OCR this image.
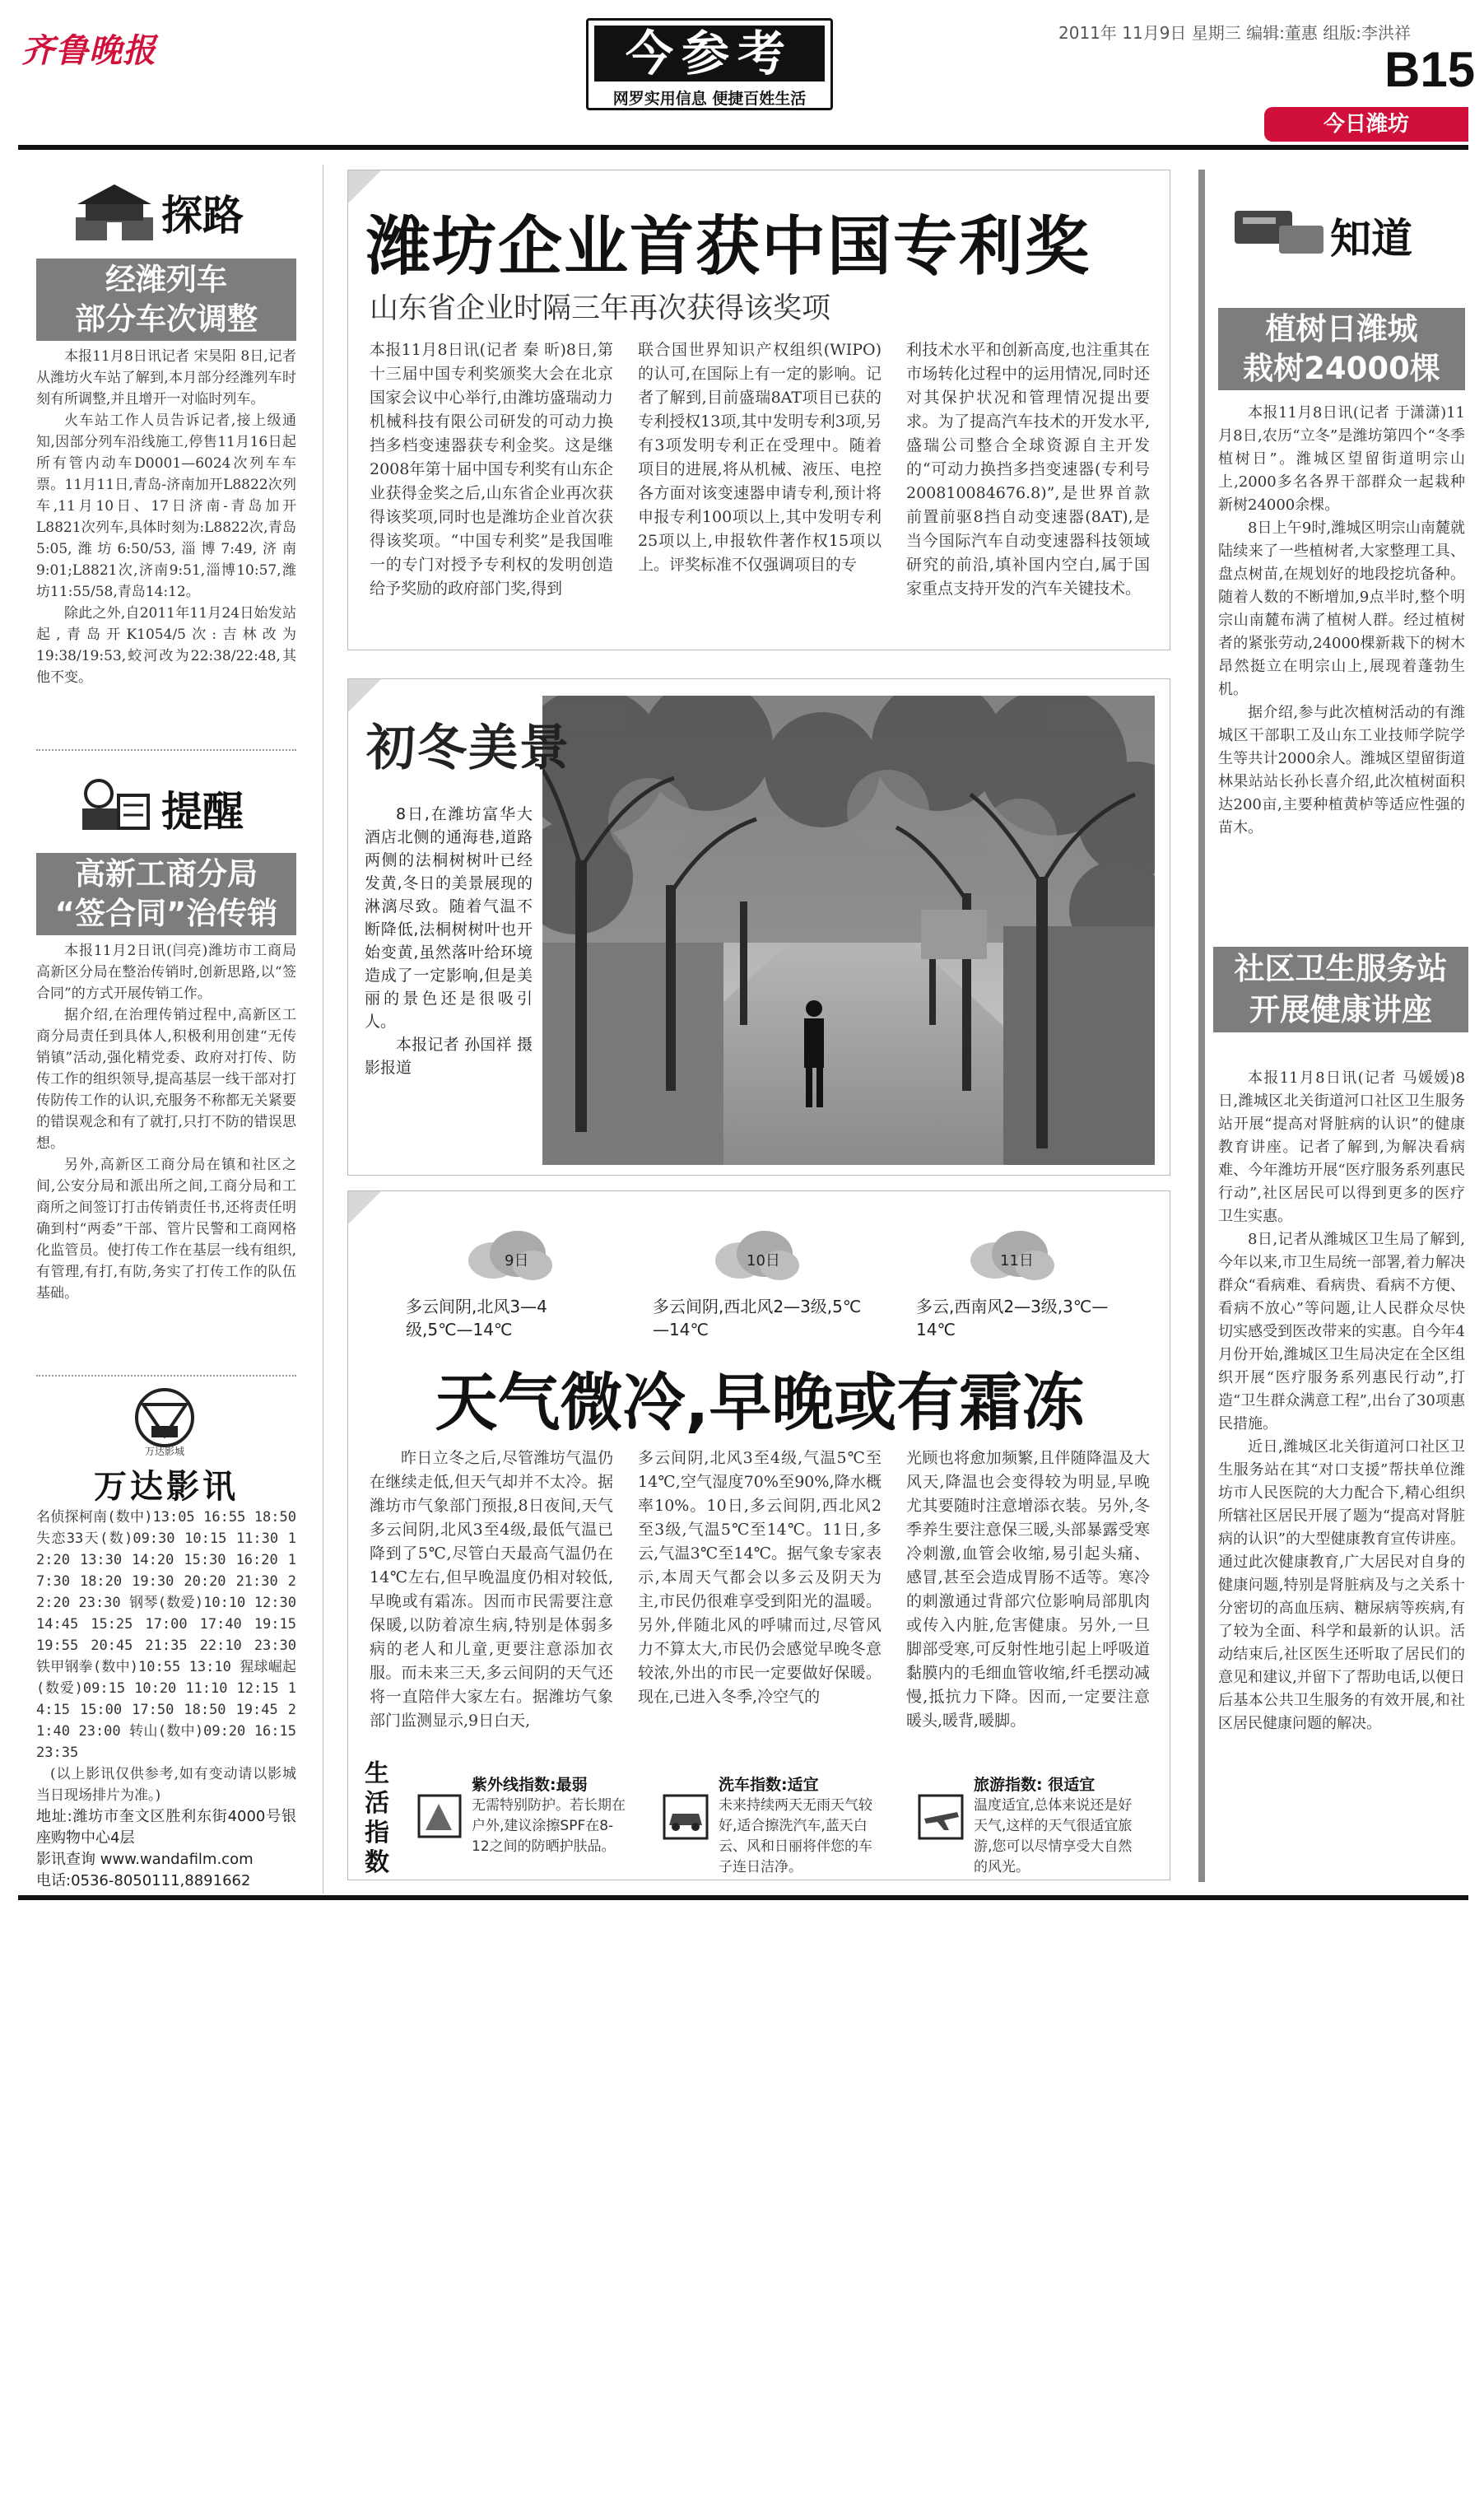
齐鲁晚报	今参考
网罗实用信息 便捷百姓生活
2011年 11月9日 星期三 编辑:董惠 组版:李洪祥
B15
今日潍坊
探路
经潍列车
部分车次调整

本报11月8日讯记者 宋昊阳 8日,记者从潍坊火车站了解到,本月部分经潍列车时刻有所调整,并且增开一对临时列车。

火车站工作人员告诉记者,接上级通知,因部分列车沿线施工,停售11月16日起所有管内动车D0001—6024次列车车票。11月11日,青岛-济南加开L8822次列车,11月10日、17日济南-青岛加开L8821次列车,具体时刻为:L8822次,青岛5:05,潍坊6:50/53,淄博7:49,济南9:01;L8821次,济南9:51,淄博10:57,潍坊11:55/58,青岛14:12。

除此之外,自2011年11月24日始发站起,青岛开K1054/5次:吉林改为19:38/19:53,蛟河改为22:38/22:48,其他不变。

提醒
高新工商分局
“签合同”治传销

本报11月2日讯(闫亮)潍坊市工商局高新区分局在整治传销时,创新思路,以“签合同”的方式开展传销工作。

据介绍,在治理传销过程中,高新区工商分局责任到具体人,积极利用创建“无传销镇”活动,强化精党委、政府对打传、防传工作的组织领导,提高基层一线干部对打传防传工作的认识,充服务不称都无关紧要的错误观念和有了就打,只打不防的错误思想。

另外,高新区工商分局在镇和社区之间,公安分局和派出所之间,工商分局和工商所之间签订打击传销责任书,还将责任明确到村“两委”干部、管片民警和工商网格化监管员。使打传工作在基层一线有组织,有管理,有打,有防,务实了打传工作的队伍基础。

万达影城
万达影讯

名侦探柯南(数中)13:05 16:55 18:50 失恋33天(数)09:30 10:15 11:30 12:20 13:30 14:20 15:30 16:20 17:30 18:20 19:30 20:20 21:30 22:20 23:30 钢琴(数爱)10:10 12:30 14:45 15:25 17:00 17:40 19:15 19:55 20:45 21:35 22:10 23:30 铁甲钢拳(数中)10:55 13:10 猩球崛起(数爱)09:15 10:20 11:10 12:15 14:15 15:00 17:50 18:50 19:45 21:40 23:00 转山(数中)09:20 16:15 23:35

(以上影讯仅供参考,如有变动请以影城当日现场排片为准。)

地址:潍坊市奎文区胜利东街4000号银座购物中心4层

影讯查询 www.wandafilm.com

电话:0536-8050111,8891662

潍坊企业首获中国专利奖
山东省企业时隔三年再次获得该奖项

本报11月8日讯(记者 秦 昕)8日,第十三届中国专利奖颁奖大会在北京国家会议中心举行,由潍坊盛瑞动力机械科技有限公司研发的可动力换挡多档变速器获专利金奖。这是继2008年第十届中国专利奖有山东企业获得金奖之后,山东省企业再次获得该奖项,同时也是潍坊企业首次获得该奖项。“中国专利奖”是我国唯一的专门对授予专利权的发明创造给予奖励的政府部门奖,得到

联合国世界知识产权组织(WIPO)的认可,在国际上有一定的影响。记者了解到,目前盛瑞8AT项目已获的专利授权13项,其中发明专利3项,另有3项发明专利正在受理中。随着项目的进展,将从机械、液压、电控各方面对该变速器申请专利,预计将申报专利100项以上,其中发明专利25项以上,申报软件著作权15项以上。评奖标准不仅强调项目的专

利技术水平和创新高度,也注重其在市场转化过程中的运用情况,同时还对其保护状况和管理情况提出要求。为了提高汽车技术的开发水平,盛瑞公司整合全球资源自主开发的“可动力换挡多挡变速器(专利号200810084676.8)”,是世界首款前置前驱8挡自动变速器(8AT),是当今国际汽车自动变速器科技领域研究的前沿,填补国内空白,属于国家重点支持开发的汽车关键技术。

初冬美景

8日,在潍坊富华大酒店北侧的通海巷,道路两侧的法桐树树叶已经发黄,冬日的美景展现的淋漓尽致。随着气温不断降低,法桐树树叶也开始变黄,虽然落叶给环境造成了一定影响,但是美丽的景色还是很吸引人。

本报记者 孙国祥 摄影报道

9日
多云间阴,北风3—4级,5℃—14℃
10日
多云间阴,西北风2—3级,5℃—14℃
11日
多云,西南风2—3级,3℃—14℃
天气微冷,早晚或有霜冻

昨日立冬之后,尽管潍坊气温仍在继续走低,但天气却并不太冷。据潍坊市气象部门预报,8日夜间,天气多云间阴,北风3至4级,最低气温已降到了5℃,尽管白天最高气温仍在14℃左右,但早晚温度仍相对较低,早晚或有霜冻。因而市民需要注意保暖,以防着凉生病,特别是体弱多病的老人和儿童,更要注意添加衣服。而未来三天,多云间阴的天气还将一直陪伴大家左右。据潍坊气象部门监测显示,9日白天,

多云间阴,北风3至4级,气温5℃至14℃,空气湿度70%至90%,降水概率10%。10日,多云间阴,西北风2至3级,气温5℃至14℃。11日,多云,气温3℃至14℃。据气象专家表示,本周天气都会以多云及阴天为主,市民仍很难享受到阳光的温暖。另外,伴随北风的呼啸而过,尽管风力不算太大,市民仍会感觉早晚冬意较浓,外出的市民一定要做好保暖。现在,已进入冬季,冷空气的

光顾也将愈加频繁,且伴随降温及大风天,降温也会变得较为明显,早晚尤其要随时注意增添衣装。另外,冬季养生要注意保三暖,头部暴露受寒冷刺激,血管会收缩,易引起头痛、感冒,甚至会造成胃肠不适等。寒冷的刺激通过背部穴位影响局部肌肉或传入内脏,危害健康。另外,一旦脚部受寒,可反射性地引起上呼吸道黏膜内的毛细血管收缩,纤毛摆动减慢,抵抗力下降。因而,一定要注意暖头,暖背,暖脚。

生活指数
紫外线指数:最弱
无需特别防护。若长期在户外,建议涂擦SPF在8-12之间的防晒护肤品。
洗车指数:适宜
未来持续两天无雨天气较好,适合擦洗汽车,蓝天白云、风和日丽将伴您的车子连日洁净。
旅游指数: 很适宜
温度适宜,总体来说还是好天气,这样的天气很适宜旅游,您可以尽情享受大自然的风光。
知道
植树日潍城
栽树24000棵

本报11月8日讯(记者 于潇潇)11月8日,农历“立冬”是潍坊第四个“冬季植树日”。潍城区望留街道明宗山上,2000多名各界干部群众一起栽种新树24000余棵。

8日上午9时,潍城区明宗山南麓就陆续来了一些植树者,大家整理工具、盘点树苗,在规划好的地段挖坑备种。随着人数的不断增加,9点半时,整个明宗山南麓布满了植树人群。经过植树者的紧张劳动,24000棵新栽下的树木昂然挺立在明宗山上,展现着蓬勃生机。

据介绍,参与此次植树活动的有潍城区干部职工及山东工业技师学院学生等共计2000余人。潍城区望留街道林果站站长孙长喜介绍,此次植树面积达200亩,主要种植黄栌等适应性强的苗木。

社区卫生服务站
开展健康讲座

本报11月8日讯(记者 马媛媛)8日,潍城区北关街道河口社区卫生服务站开展“提高对肾脏病的认识”的健康教育讲座。记者了解到,为解决看病难、今年潍坊开展“医疗服务系列惠民行动”,社区居民可以得到更多的医疗卫生实惠。

8日,记者从潍城区卫生局了解到,今年以来,市卫生局统一部署,着力解决群众“看病难、看病贵、看病不方便、看病不放心”等问题,让人民群众尽快切实感受到医改带来的实惠。自今年4月份开始,潍城区卫生局决定在全区组织开展“医疗服务系列惠民行动”,打造“卫生群众满意工程”,出台了30项惠民措施。

近日,潍城区北关街道河口社区卫生服务站在其“对口支援”帮扶单位潍坊市人民医院的大力配合下,精心组织所辖社区居民开展了题为“提高对肾脏病的认识”的大型健康教育宣传讲座。通过此次健康教育,广大居民对自身的健康问题,特别是肾脏病及与之关系十分密切的高血压病、糖尿病等疾病,有了较为全面、科学和最新的认识。活动结束后,社区医生还听取了居民们的意见和建议,并留下了帮助电话,以便日后基本公共卫生服务的有效开展,和社区居民健康问题的解决。
